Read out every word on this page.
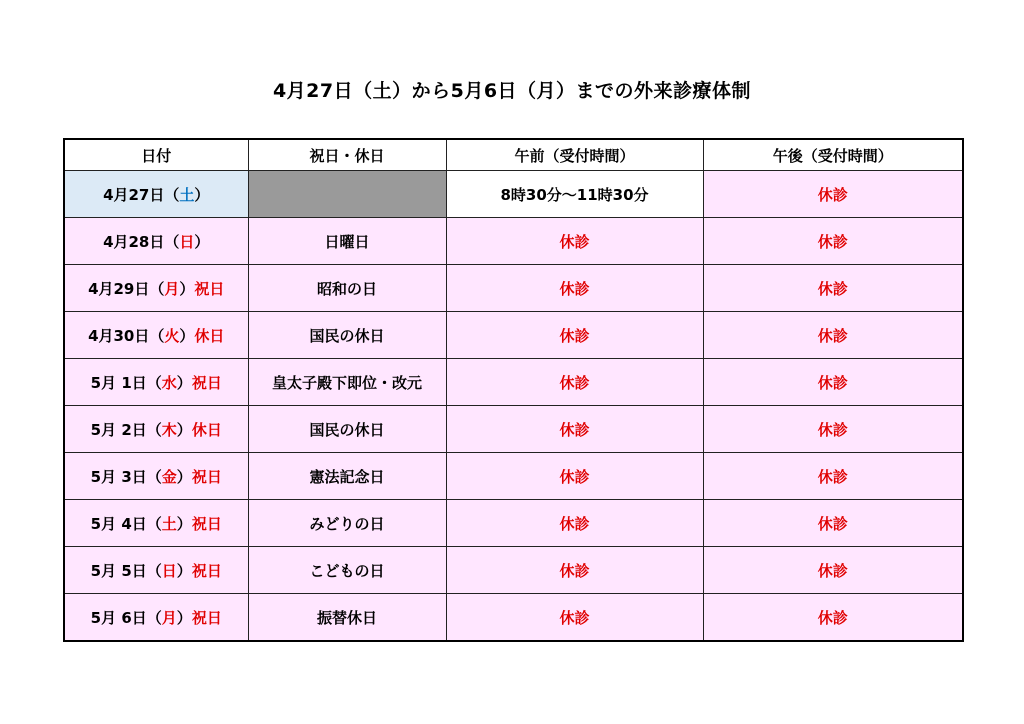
4月27日（土）から5月6日（月）までの外来診療体制
日付	祝日・休日	午前（受付時間）	午後（受付時間）
4月27日（土）		8時30分～11時30分	休診
4月28日（日）	日曜日	休診	休診
4月29日（月）祝日	昭和の日	休診	休診
4月30日（火）休日	国民の休日	休診	休診
5月 1日（水）祝日	皇太子殿下即位・改元	休診	休診
5月 2日（木）休日	国民の休日	休診	休診
5月 3日（金）祝日	憲法記念日	休診	休診
5月 4日（土）祝日	みどりの日	休診	休診
5月 5日（日）祝日	こどもの日	休診	休診
5月 6日（月）祝日	振替休日	休診	休診
